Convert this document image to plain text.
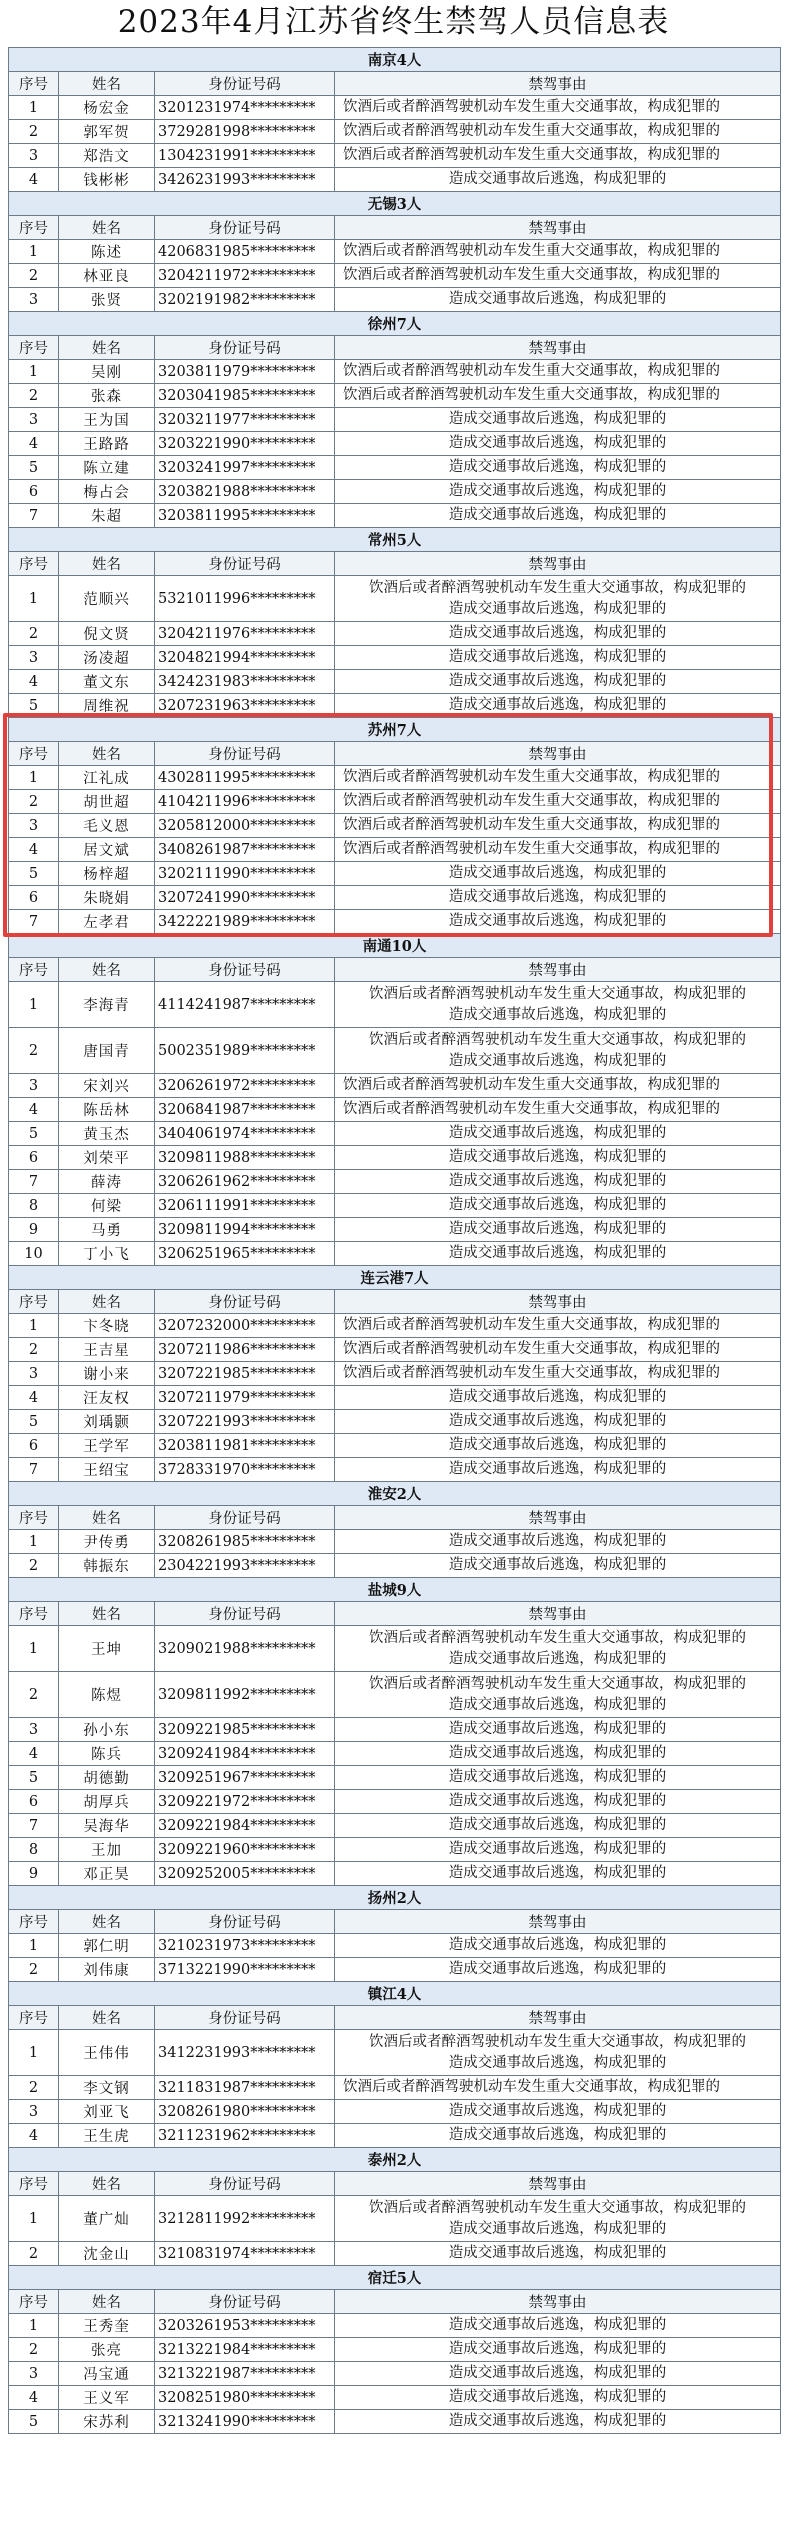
2023年4月江苏省终生禁驾人员信息表
南京4人			
序号	姓名	身份证号码	禁驾事由
1	杨宏金	3201231974*********	饮酒后或者醉酒驾驶机动车发生重大交通事故，构成犯罪的
2	郭军贺	3729281998*********	饮酒后或者醉酒驾驶机动车发生重大交通事故，构成犯罪的
3	郑浩文	1304231991*********	饮酒后或者醉酒驾驶机动车发生重大交通事故，构成犯罪的
4	钱彬彬	3426231993*********	造成交通事故后逃逸，构成犯罪的
无锡3人			
序号	姓名	身份证号码	禁驾事由
1	陈述	4206831985*********	饮酒后或者醉酒驾驶机动车发生重大交通事故，构成犯罪的
2	林亚良	3204211972*********	饮酒后或者醉酒驾驶机动车发生重大交通事故，构成犯罪的
3	张贤	3202191982*********	造成交通事故后逃逸，构成犯罪的
徐州7人			
序号	姓名	身份证号码	禁驾事由
1	吴刚	3203811979*********	饮酒后或者醉酒驾驶机动车发生重大交通事故，构成犯罪的
2	张森	3203041985*********	饮酒后或者醉酒驾驶机动车发生重大交通事故，构成犯罪的
3	王为国	3203211977*********	造成交通事故后逃逸，构成犯罪的
4	王路路	3203221990*********	造成交通事故后逃逸，构成犯罪的
5	陈立建	3203241997*********	造成交通事故后逃逸，构成犯罪的
6	梅占会	3203821988*********	造成交通事故后逃逸，构成犯罪的
7	朱超	3203811995*********	造成交通事故后逃逸，构成犯罪的
常州5人			
序号	姓名	身份证号码	禁驾事由
1	范顺兴	5321011996*********	饮酒后或者醉酒驾驶机动车发生重大交通事故，构成犯罪的
造成交通事故后逃逸，构成犯罪的

2	倪文贤	3204211976*********	造成交通事故后逃逸，构成犯罪的
3	汤凌超	3204821994*********	造成交通事故后逃逸，构成犯罪的
4	董文东	3424231983*********	造成交通事故后逃逸，构成犯罪的
5	周维祝	3207231963*********	造成交通事故后逃逸，构成犯罪的
苏州7人			
序号	姓名	身份证号码	禁驾事由
1	江礼成	4302811995*********	饮酒后或者醉酒驾驶机动车发生重大交通事故，构成犯罪的
2	胡世超	4104211996*********	饮酒后或者醉酒驾驶机动车发生重大交通事故，构成犯罪的
3	毛义恩	3205812000*********	饮酒后或者醉酒驾驶机动车发生重大交通事故，构成犯罪的
4	居文斌	3408261987*********	饮酒后或者醉酒驾驶机动车发生重大交通事故，构成犯罪的
5	杨梓超	3202111990*********	造成交通事故后逃逸，构成犯罪的
6	朱晓娟	3207241990*********	造成交通事故后逃逸，构成犯罪的
7	左孝君	3422221989*********	造成交通事故后逃逸，构成犯罪的
南通10人			
序号	姓名	身份证号码	禁驾事由
1	李海青	4114241987*********	饮酒后或者醉酒驾驶机动车发生重大交通事故，构成犯罪的
造成交通事故后逃逸，构成犯罪的

2	唐国青	5002351989*********	饮酒后或者醉酒驾驶机动车发生重大交通事故，构成犯罪的
造成交通事故后逃逸，构成犯罪的

3	宋刘兴	3206261972*********	饮酒后或者醉酒驾驶机动车发生重大交通事故，构成犯罪的
4	陈岳林	3206841987*********	饮酒后或者醉酒驾驶机动车发生重大交通事故，构成犯罪的
5	黄玉杰	3404061974*********	造成交通事故后逃逸，构成犯罪的
6	刘荣平	3209811988*********	造成交通事故后逃逸，构成犯罪的
7	薛涛	3206261962*********	造成交通事故后逃逸，构成犯罪的
8	何梁	3206111991*********	造成交通事故后逃逸，构成犯罪的
9	马勇	3209811994*********	造成交通事故后逃逸，构成犯罪的
10	丁小飞	3206251965*********	造成交通事故后逃逸，构成犯罪的
连云港7人			
序号	姓名	身份证号码	禁驾事由
1	卞冬晓	3207232000*********	饮酒后或者醉酒驾驶机动车发生重大交通事故，构成犯罪的
2	王吉星	3207211986*********	饮酒后或者醉酒驾驶机动车发生重大交通事故，构成犯罪的
3	谢小来	3207221985*********	饮酒后或者醉酒驾驶机动车发生重大交通事故，构成犯罪的
4	汪友权	3207211979*********	造成交通事故后逃逸，构成犯罪的
5	刘瑀颢	3207221993*********	造成交通事故后逃逸，构成犯罪的
6	王学军	3203811981*********	造成交通事故后逃逸，构成犯罪的
7	王绍宝	3728331970*********	造成交通事故后逃逸，构成犯罪的
淮安2人			
序号	姓名	身份证号码	禁驾事由
1	尹传勇	3208261985*********	造成交通事故后逃逸，构成犯罪的
2	韩振东	2304221993*********	造成交通事故后逃逸，构成犯罪的
盐城9人			
序号	姓名	身份证号码	禁驾事由
1	王坤	3209021988*********	饮酒后或者醉酒驾驶机动车发生重大交通事故，构成犯罪的
造成交通事故后逃逸，构成犯罪的

2	陈煜	3209811992*********	饮酒后或者醉酒驾驶机动车发生重大交通事故，构成犯罪的
造成交通事故后逃逸，构成犯罪的

3	孙小东	3209221985*********	造成交通事故后逃逸，构成犯罪的
4	陈兵	3209241984*********	造成交通事故后逃逸，构成犯罪的
5	胡德勤	3209251967*********	造成交通事故后逃逸，构成犯罪的
6	胡厚兵	3209221972*********	造成交通事故后逃逸，构成犯罪的
7	吴海华	3209221984*********	造成交通事故后逃逸，构成犯罪的
8	王加	3209221960*********	造成交通事故后逃逸，构成犯罪的
9	邓正昊	3209252005*********	造成交通事故后逃逸，构成犯罪的
扬州2人			
序号	姓名	身份证号码	禁驾事由
1	郭仁明	3210231973*********	造成交通事故后逃逸，构成犯罪的
2	刘伟康	3713221990*********	造成交通事故后逃逸，构成犯罪的
镇江4人			
序号	姓名	身份证号码	禁驾事由
1	王伟伟	3412231993*********	饮酒后或者醉酒驾驶机动车发生重大交通事故，构成犯罪的
造成交通事故后逃逸，构成犯罪的

2	李文钢	3211831987*********	饮酒后或者醉酒驾驶机动车发生重大交通事故，构成犯罪的
3	刘亚飞	3208261980*********	造成交通事故后逃逸，构成犯罪的
4	王生虎	3211231962*********	造成交通事故后逃逸，构成犯罪的
泰州2人			
序号	姓名	身份证号码	禁驾事由
1	董广灿	3212811992*********	饮酒后或者醉酒驾驶机动车发生重大交通事故，构成犯罪的
造成交通事故后逃逸，构成犯罪的

2	沈金山	3210831974*********	造成交通事故后逃逸，构成犯罪的
宿迁5人			
序号	姓名	身份证号码	禁驾事由
1	王秀奎	3203261953*********	造成交通事故后逃逸，构成犯罪的
2	张亮	3213221984*********	造成交通事故后逃逸，构成犯罪的
3	冯宝通	3213221987*********	造成交通事故后逃逸，构成犯罪的
4	王义军	3208251980*********	造成交通事故后逃逸，构成犯罪的
5	宋苏利	3213241990*********	造成交通事故后逃逸，构成犯罪的
